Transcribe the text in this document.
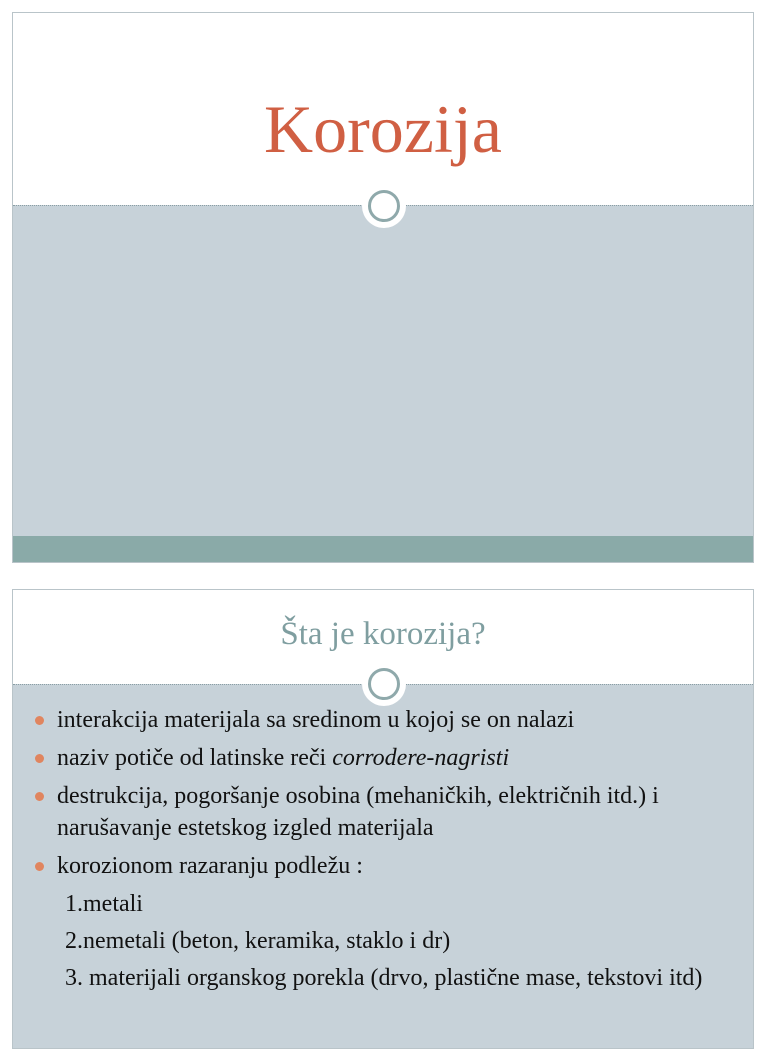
Korozija
Šta je korozija?
interakcija materijala sa sredinom u kojoj se on nalazi
naziv potiče od latinske reči corrodere-nagristi
destrukcija, pogoršanje osobina (mehaničkih, električnih itd.) i narušavanje estetskog izgled materijala
korozionom razaranju podležu :
1.metali
2.nemetali (beton, keramika, staklo i dr)
3. materijali organskog porekla (drvo, plastične mase, tekstovi itd)
